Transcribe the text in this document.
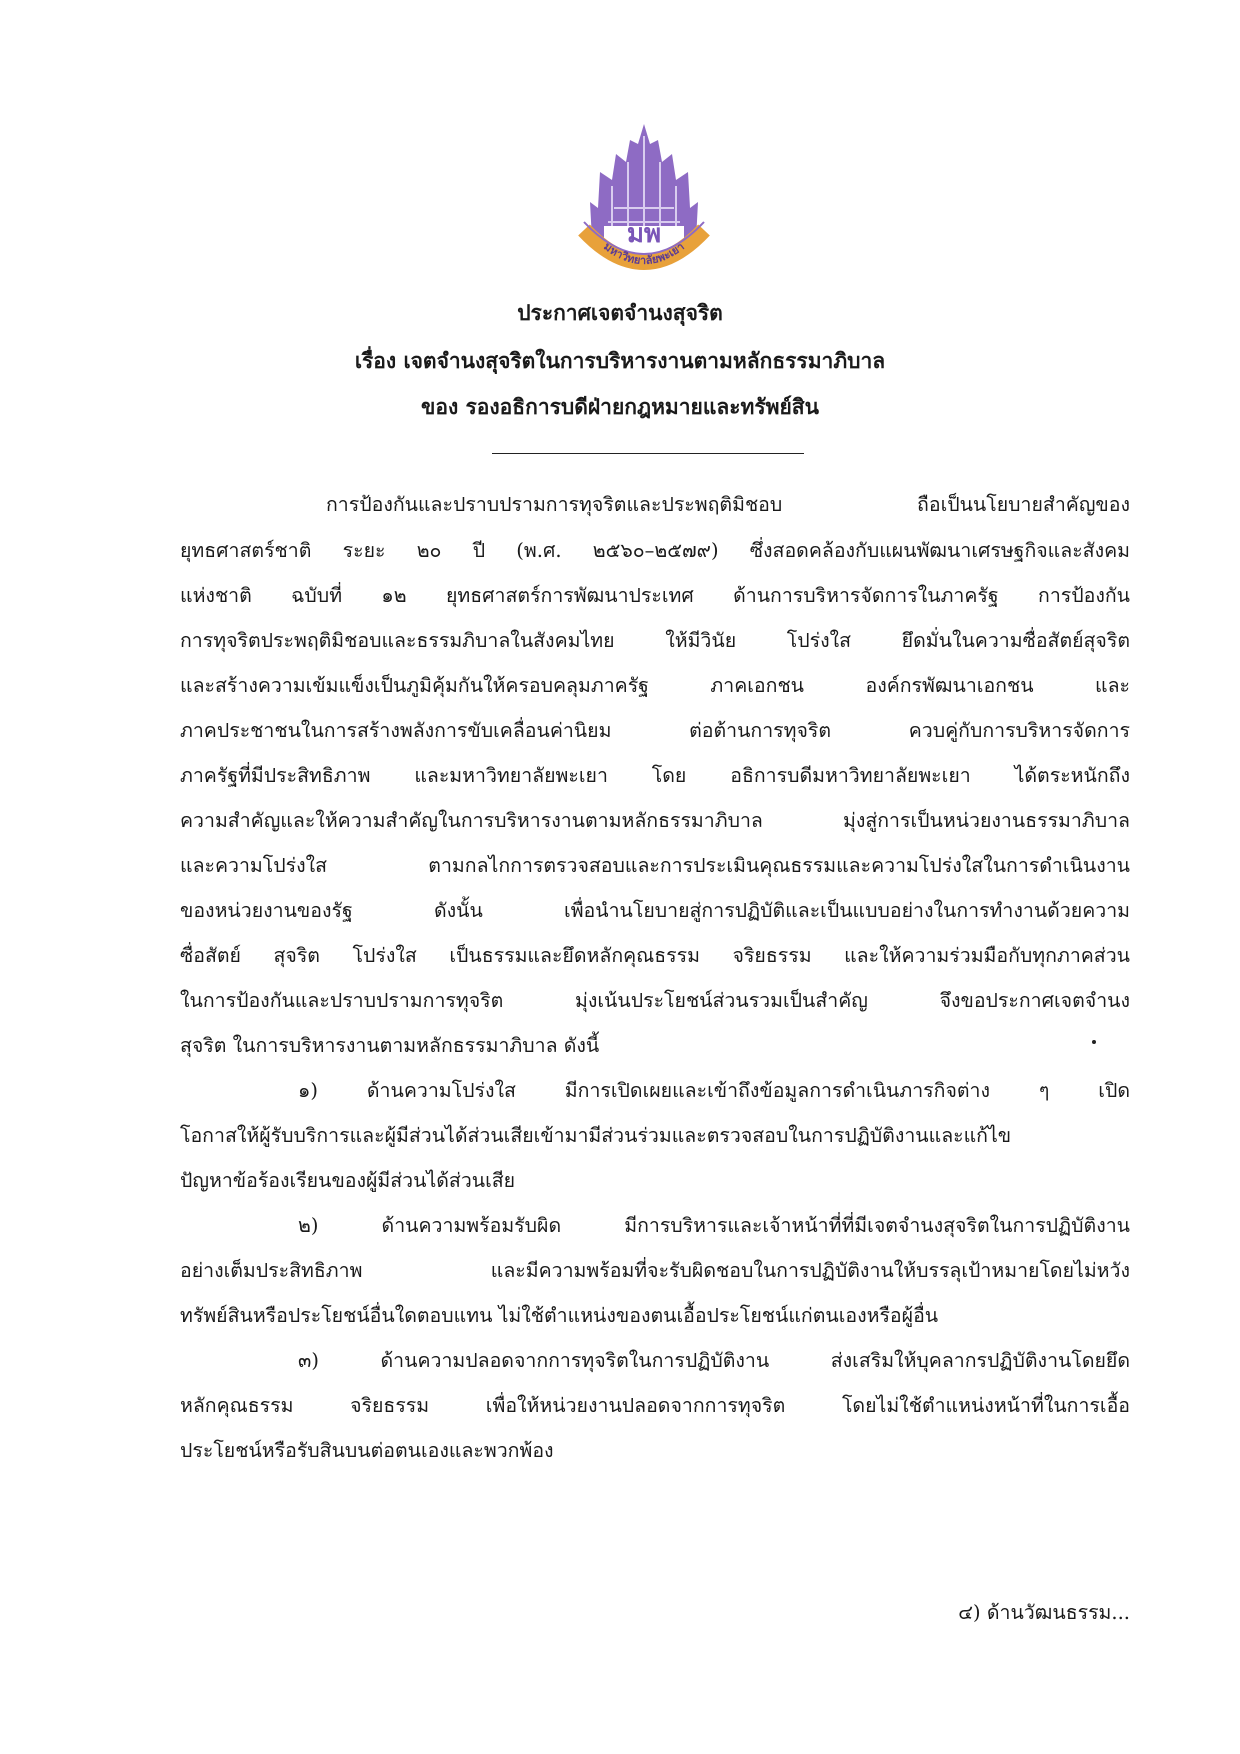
มพ
มหาวิทยาลัยพะเยา
ประกาศเจตจำนงสุจริต
เรื่อง เจตจำนงสุจริตในการบริหารงานตามหลักธรรมาภิบาล
ของ รองอธิการบดีฝ่ายกฎหมายและทรัพย์สิน
การป้องกันและปราบปรามการทุจริตและประพฤติมิชอบ ถือเป็นนโยบายสำคัญของ
ยุทธศาสตร์ชาติ ระยะ ๒๐ ปี (พ.ศ. ๒๕๖๐–๒๕๗๙) ซึ่งสอดคล้องกับแผนพัฒนาเศรษฐกิจและสังคม
แห่งชาติ ฉบับที่ ๑๒ ยุทธศาสตร์การพัฒนาประเทศ ด้านการบริหารจัดการในภาครัฐ การป้องกัน
การทุจริตประพฤติมิชอบและธรรมภิบาลในสังคมไทย ให้มีวินัย โปร่งใส ยึดมั่นในความซื่อสัตย์สุจริต
และสร้างความเข้มแข็งเป็นภูมิคุ้มกันให้ครอบคลุมภาครัฐ ภาคเอกชน องค์กรพัฒนาเอกชน และ
ภาคประชาชนในการสร้างพลังการขับเคลื่อนค่านิยม ต่อต้านการทุจริต ควบคู่กับการบริหารจัดการ
ภาครัฐที่มีประสิทธิภาพ และมหาวิทยาลัยพะเยา โดย อธิการบดีมหาวิทยาลัยพะเยา ได้ตระหนักถึง
ความสำคัญและให้ความสำคัญในการบริหารงานตามหลักธรรมาภิบาล มุ่งสู่การเป็นหน่วยงานธรรมาภิบาล
และความโปร่งใส ตามกลไกการตรวจสอบและการประเมินคุณธรรมและความโปร่งใสในการดำเนินงาน
ของหน่วยงานของรัฐ ดังนั้น เพื่อนำนโยบายสู่การปฏิบัติและเป็นแบบอย่างในการทำงานด้วยความ
ซื่อสัตย์ สุจริต โปร่งใส เป็นธรรมและยึดหลักคุณธรรม จริยธรรม และให้ความร่วมมือกับทุกภาคส่วน
ในการป้องกันและปราบปรามการทุจริต มุ่งเน้นประโยชน์ส่วนรวมเป็นสำคัญ จึงขอประกาศเจตจำนง
สุจริต ในการบริหารงานตามหลักธรรมาภิบาล ดังนี้
๑) ด้านความโปร่งใส มีการเปิดเผยและเข้าถึงข้อมูลการดำเนินภารกิจต่าง ๆ เปิด
โอกาสให้ผู้รับบริการและผู้มีส่วนได้ส่วนเสียเข้ามามีส่วนร่วมและตรวจสอบในการปฏิบัติงานและแก้ไข
ปัญหาข้อร้องเรียนของผู้มีส่วนได้ส่วนเสีย
๒) ด้านความพร้อมรับผิด มีการบริหารและเจ้าหน้าที่ที่มีเจตจำนงสุจริตในการปฏิบัติงาน
อย่างเต็มประสิทธิภาพ และมีความพร้อมที่จะรับผิดชอบในการปฏิบัติงานให้บรรลุเป้าหมายโดยไม่หวัง
ทรัพย์สินหรือประโยชน์อื่นใดตอบแทน ไม่ใช้ตำแหน่งของตนเอื้อประโยชน์แก่ตนเองหรือผู้อื่น
๓) ด้านความปลอดจากการทุจริตในการปฏิบัติงาน ส่งเสริมให้บุคลากรปฏิบัติงานโดยยึด
หลักคุณธรรม จริยธรรม เพื่อให้หน่วยงานปลอดจากการทุจริต โดยไม่ใช้ตำแหน่งหน้าที่ในการเอื้อ
ประโยชน์หรือรับสินบนต่อตนเองและพวกพ้อง
๔) ด้านวัฒนธรรม...
